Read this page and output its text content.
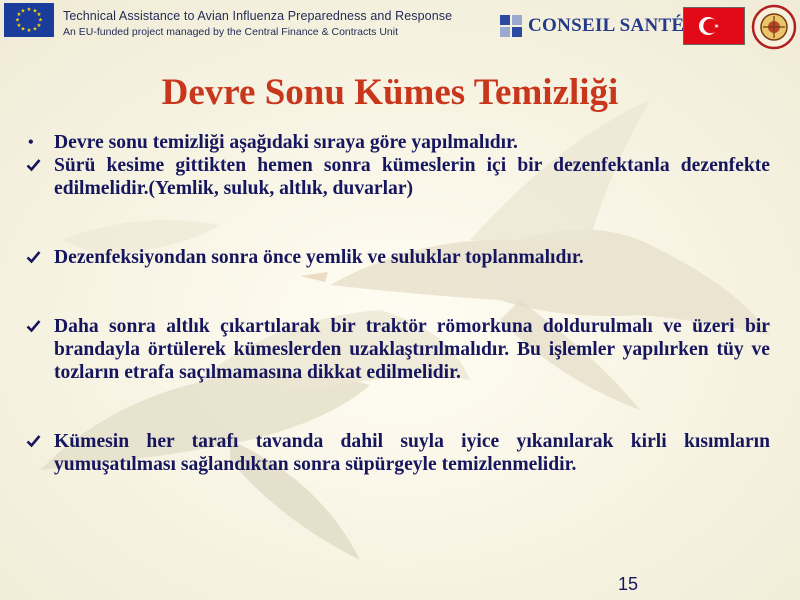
★ ★
★
★
★
★
★
★
★
★
★
★	Technical Assistance to Avian Influenza Preparedness and Response
An EU-funded project managed by the Central Finance & Contracts Unit	CONSEIL SANTÉ
Devre Sonu Kümes Temizliği
•	Devre sonu temizliği aşağıdaki sıraya göre yapılmalıdır.
Sürü kesime gittikten hemen sonra kümeslerin içi bir dezenfektanla dezenfekte edilmelidir.(Yemlik, suluk, altlık, duvarlar)
Dezenfeksiyondan sonra önce yemlik ve suluklar toplanmalıdır.
Daha sonra altlık çıkartılarak bir traktör römorkuna doldurulmalı ve üzeri bir brandayla örtülerek kümeslerden uzaklaştırılmalıdır. Bu işlemler yapılırken tüy ve tozların etrafa saçılmamasına dikkat edilmelidir.
Kümesin her tarafı tavanda dahil suyla iyice yıkanılarak kirli kısımların yumuşatılması sağlandıktan sonra süpürgeyle temizlenmelidir.
15
